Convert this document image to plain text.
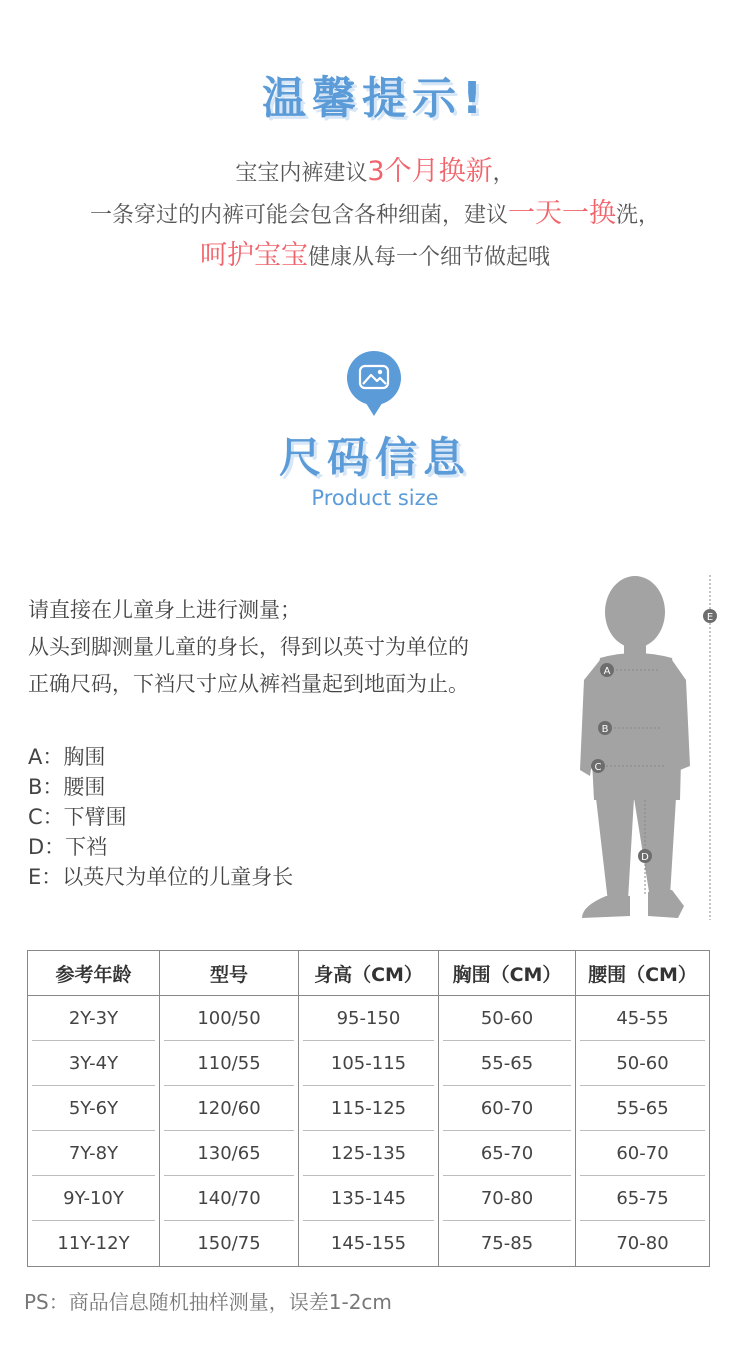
温馨提示!
宝宝内裤建议3个月换新，
一条穿过的内裤可能会包含各种细菌，建议一天一换洗，
呵护宝宝健康从每一个细节做起哦
尺码信息
Product size
请直接在儿童身上进行测量；
从头到脚测量儿童的身长，得到以英寸为单位的
正确尺码，下裆尺寸应从裤裆量起到地面为止。
A：胸围
B：腰围
C：下臂围
D：下裆
E：以英尺为单位的儿童身长
A
B
C
D
E
参考年龄	型号	身高（CM）	胸围（CM）	腰围（CM）
2Y-3Y	100/50	95-150	50-60	45-55
3Y-4Y	110/55	105-115	55-65	50-60
5Y-6Y	120/60	115-125	60-70	55-65
7Y-8Y	130/65	125-135	65-70	60-70
9Y-10Y	140/70	135-145	70-80	65-75
11Y-12Y	150/75	145-155	75-85	70-80
PS：商品信息随机抽样测量，误差1-2cm
